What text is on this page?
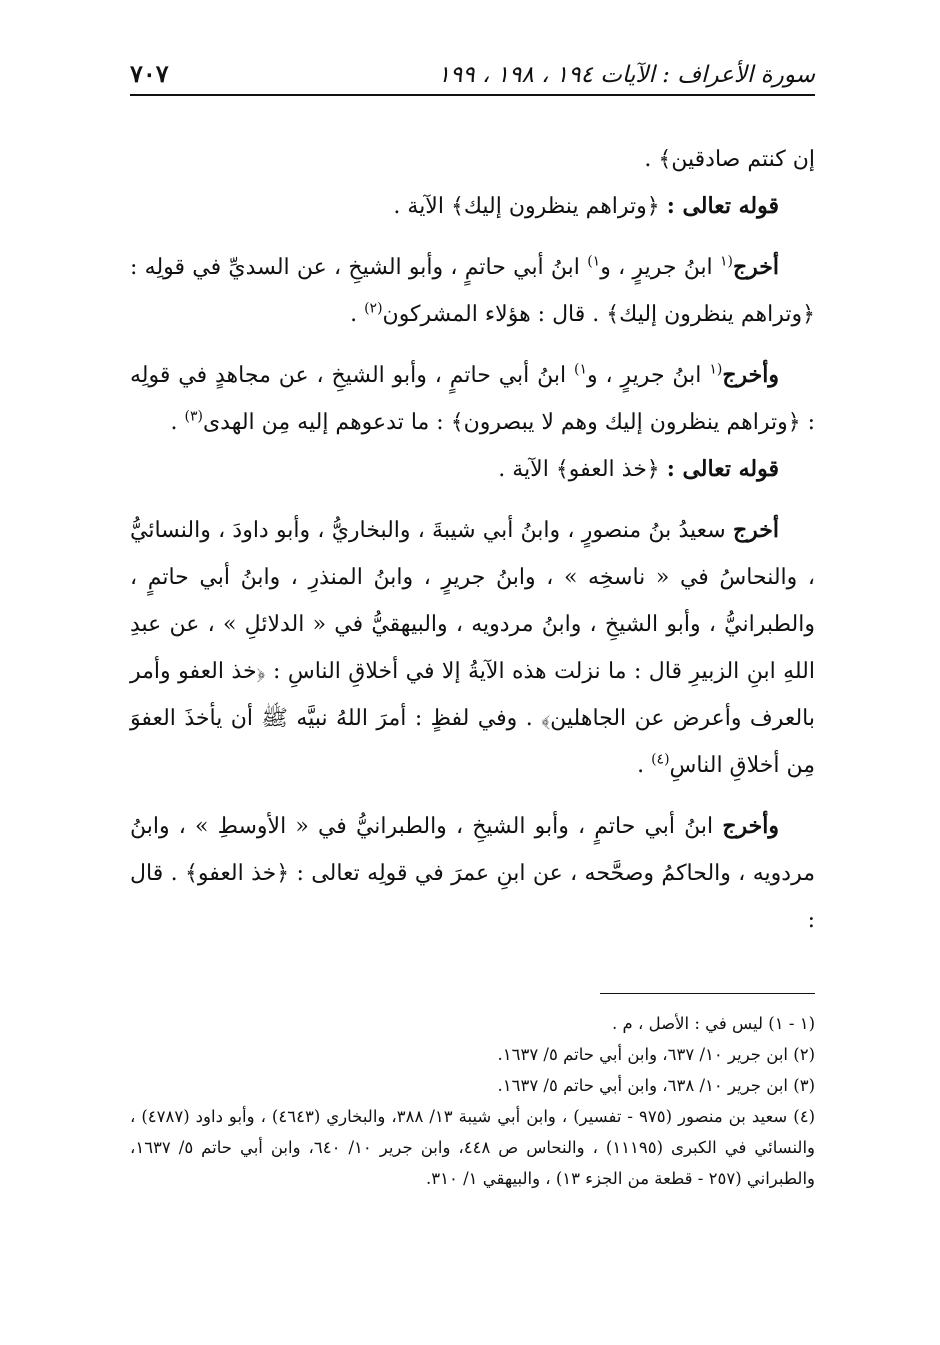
سورة الأعراف : الآيات ١٩٤ ، ١٩٨ ، ١٩٩
٧٠٧

إن كنتم صادقين﴾ .

قوله تعالى : ﴿وتراهم ينظرون إليك﴾ الآية .

أخرج$^{(١}$ ابنُ جريرٍ ، و$^{١)}$ ابنُ أبي حاتمٍ ، وأبو الشيخِ ، عن السديِّ في قولِه : ﴿وتراهم ينظرون إليك﴾ . قال : هؤلاء المشركون$^{(٢)}$ .

وأخرج$^{(١}$ ابنُ جريرٍ ، و$^{١)}$ ابنُ أبي حاتمٍ ، وأبو الشيخِ ، عن مجاهدٍ في قولِه : ﴿وتراهم ينظرون إليك وهم لا يبصرون﴾ : ما تدعوهم إليه مِن الهدى$^{(٣)}$ .

قوله تعالى : ﴿خذ العفو﴾ الآية .

أخرج سعيدُ بنُ منصورٍ ، وابنُ أبي شيبةَ ، والبخاريُّ ، وأبو داودَ ، والنسائيُّ ، والنحاسُ في « ناسخِه » ، وابنُ جريرٍ ، وابنُ المنذرِ ، وابنُ أبي حاتمٍ ، والطبرانيُّ ، وأبو الشيخِ ، وابنُ مردويه ، والبيهقيُّ في « الدلائلِ » ، عن عبدِ اللهِ ابنِ الزبيرِ قال : ما نزلت هذه الآيةُ إلا في أخلاقِ الناسِ : ﴿خذ العفو وأمر بالعرف وأعرض عن الجاهلين﴾ . وفي لفظٍ : أمرَ اللهُ نبيَّه ﷺ أن يأخذَ العفوَ مِن أخلاقِ الناسِ$^{(٤)}$ .

وأخرج ابنُ أبي حاتمٍ ، وأبو الشيخِ ، والطبرانيُّ في « الأوسطِ » ، وابنُ مردويه ، والحاكمُ وصحَّحه ، عن ابنِ عمرَ في قولِه تعالى : ﴿خذ العفو﴾ . قال :

(١ - ١) ليس في : الأصل ، م .

(٢) ابن جرير ١٠/ ٦٣٧، وابن أبي حاتم ٥/ ١٦٣٧.

(٣) ابن جرير ١٠/ ٦٣٨، وابن أبي حاتم ٥/ ١٦٣٧.

(٤) سعيد بن منصور (٩٧٥ - تفسير) ، وابن أبي شيبة ١٣/ ٣٨٨، والبخاري (٤٦٤٣) ، وأبو داود (٤٧٨٧) ، والنسائي في الكبرى (١١١٩٥) ، والنحاس ص ٤٤٨، وابن جرير ١٠/ ٦٤٠، وابن أبي حاتم ٥/ ١٦٣٧، والطبراني (٢٥٧ - قطعة من الجزء ١٣) ، والبيهقي ١/ ٣١٠.
